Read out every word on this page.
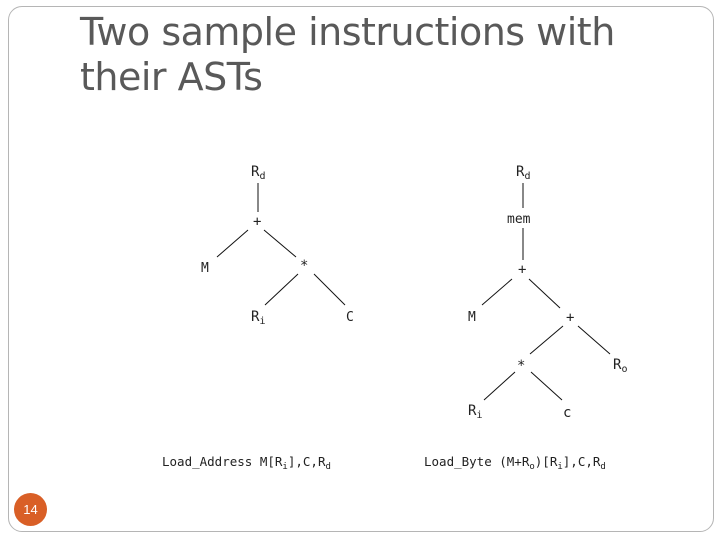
Two sample instructions with
their ASTs
$R_d$
+
M	*
$R_i$	C
Load_Address $M[R_i],C,R_d$
$R_d$
mem
+
M	+
*	$R_o$
$R_i$	c
Load_Byte $(M+R_o)[R_i],C,R_d$
14
